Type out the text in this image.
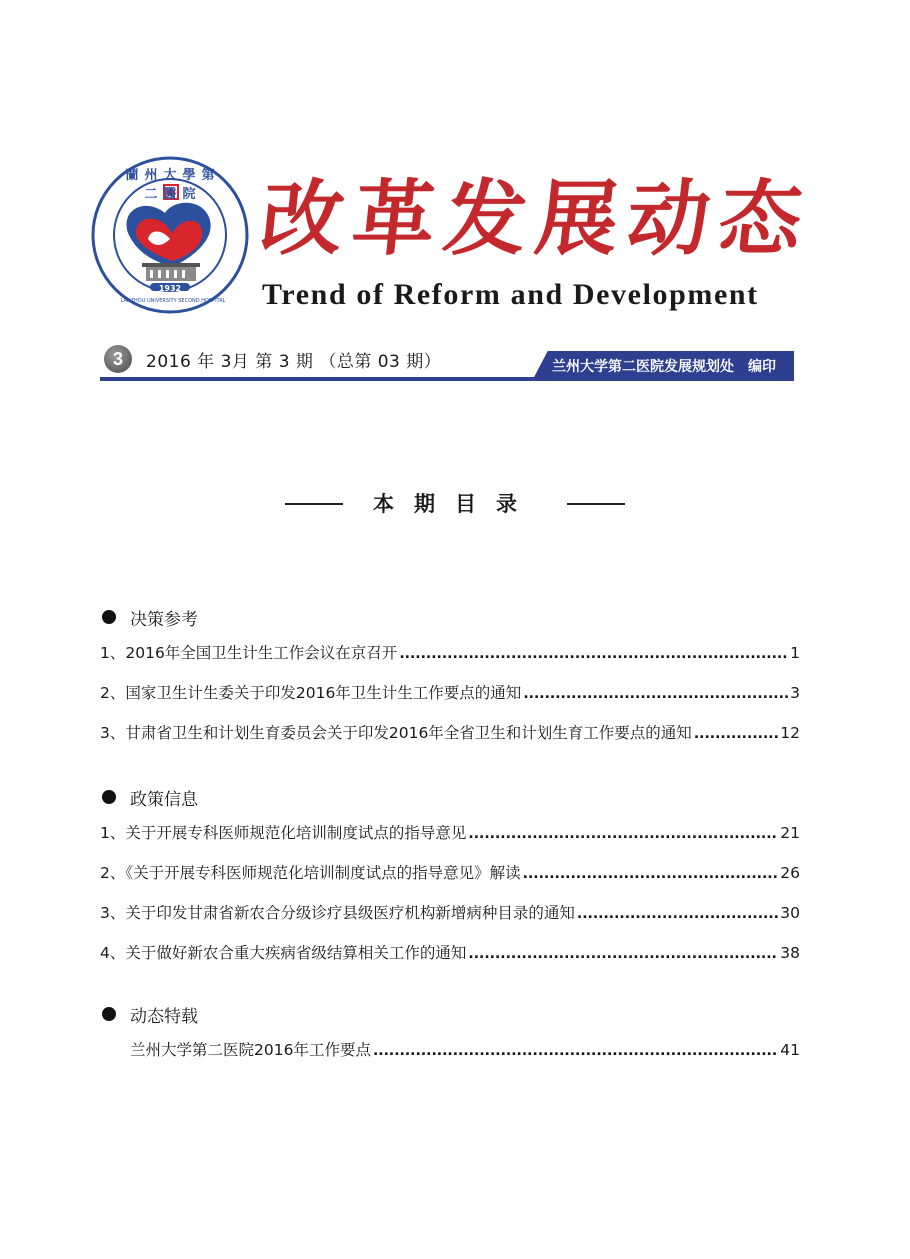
蘭州大學第二醫院
LANZHOU UNIVERSITY SECOND HOSPITAL
1932
改 革 发 展 动 态
Trend of Reform and Development
3	2016 年 3月 第 3 期 （总第 03 期）	兰州大学第二医院发展规划处　编印
本期目录
决策参考
1、2016年全国卫生计生工作会议在京召开 .....	1
2、国家卫生计生委关于印发2016年卫生计生工作要点的通知 .....	3
3、甘肃省卫生和计划生育委员会关于印发2016年全省卫生和计划生育工作要点的通知 .....	12
政策信息
1、关于开展专科医师规范化培训制度试点的指导意见 .....	21
2、《关于开展专科医师规范化培训制度试点的指导意见》解读 .....	26
3、关于印发甘肃省新农合分级诊疗县级医疗机构新增病种目录的通知 .....	30
4、关于做好新农合重大疾病省级结算相关工作的通知 .....	38
动态特载
兰州大学第二医院2016年工作要点 .....	41
